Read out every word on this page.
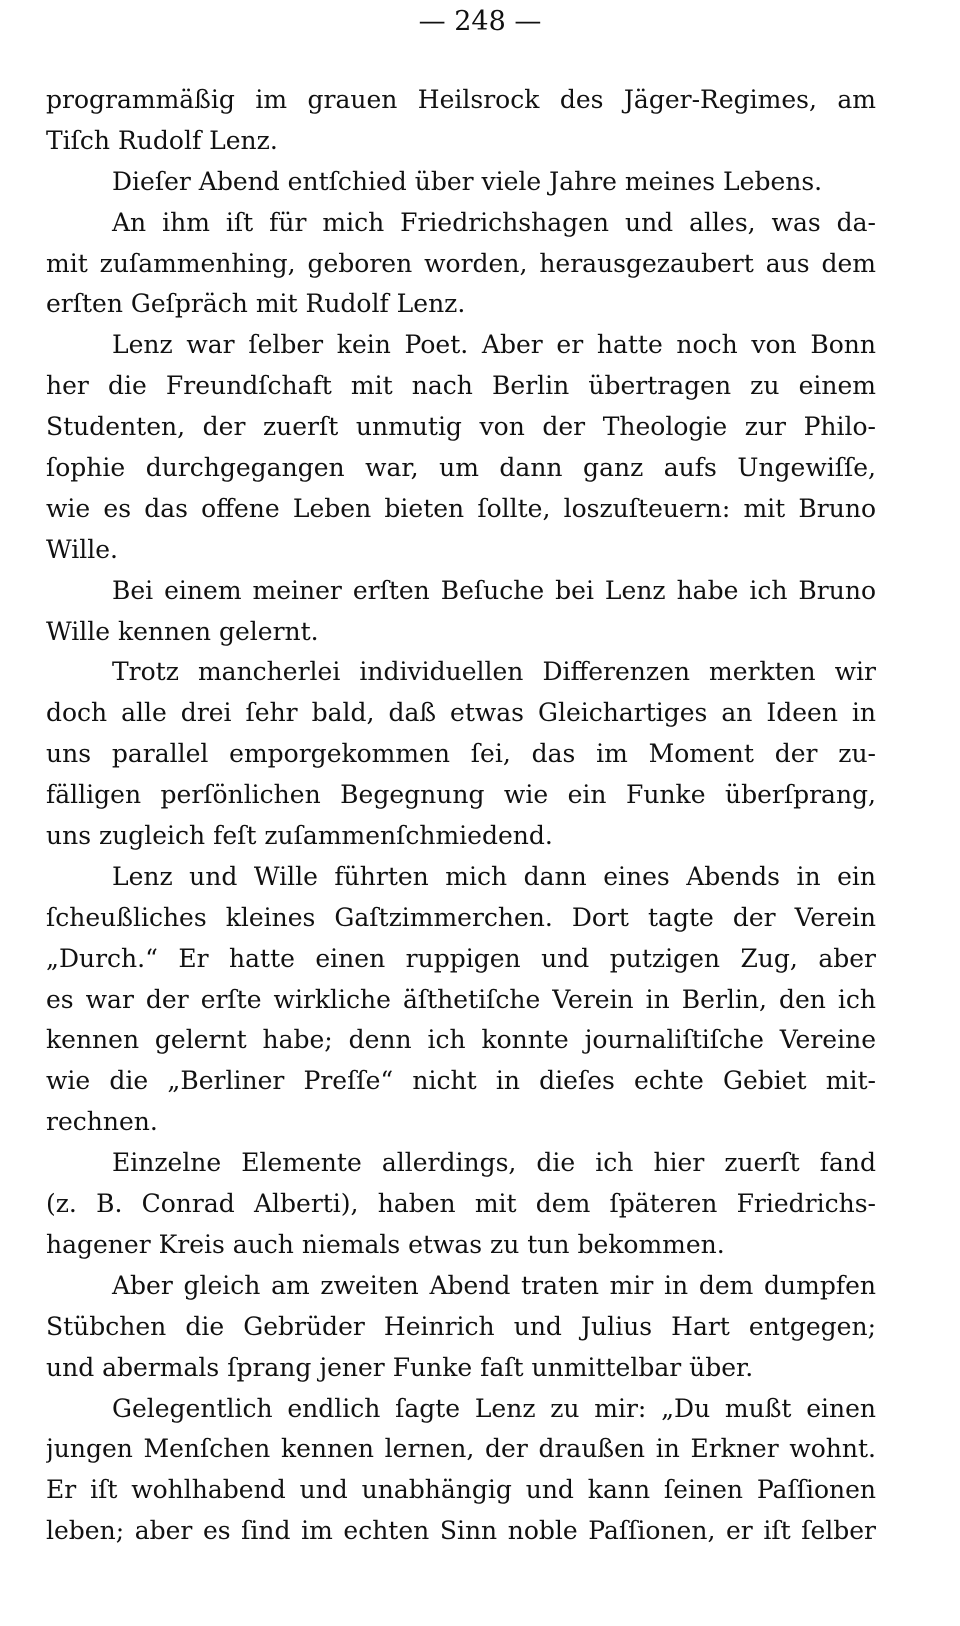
— 248 —
programmäßig im grauen Heilsrock des Jäger-Regimes, am
Tiſch Rudolf Lenz.
Dieſer Abend entſchied über viele Jahre meines Lebens.
An ihm iſt für mich Friedrichshagen und alles, was da-
mit zuſammenhing, geboren worden, herausgezaubert aus dem
erſten Geſpräch mit Rudolf Lenz.
Lenz war ſelber kein Poet. Aber er hatte noch von Bonn
her die Freundſchaft mit nach Berlin übertragen zu einem
Studenten, der zuerſt unmutig von der Theologie zur Philo-
ſophie durchgegangen war, um dann ganz aufs Ungewiſſe,
wie es das offene Leben bieten ſollte, loszuſteuern: mit Bruno
Wille.
Bei einem meiner erſten Beſuche bei Lenz habe ich Bruno
Wille kennen gelernt.
Trotz mancherlei individuellen Differenzen merkten wir
doch alle drei ſehr bald, daß etwas Gleichartiges an Ideen in
uns parallel emporgekommen ſei, das im Moment der zu-
fälligen perſönlichen Begegnung wie ein Funke überſprang,
uns zugleich feſt zuſammenſchmiedend.
Lenz und Wille führten mich dann eines Abends in ein
ſcheußliches kleines Gaſtzimmerchen. Dort tagte der Verein
„Durch.“ Er hatte einen ruppigen und putzigen Zug, aber
es war der erſte wirkliche äſthetiſche Verein in Berlin, den ich
kennen gelernt habe; denn ich konnte journaliſtiſche Vereine
wie die „Berliner Preſſe“ nicht in dieſes echte Gebiet mit-
rechnen.
Einzelne Elemente allerdings, die ich hier zuerſt fand
(z. B. Conrad Alberti), haben mit dem ſpäteren Friedrichs-
hagener Kreis auch niemals etwas zu tun bekommen.
Aber gleich am zweiten Abend traten mir in dem dumpfen
Stübchen die Gebrüder Heinrich und Julius Hart entgegen;
und abermals ſprang jener Funke faſt unmittelbar über.
Gelegentlich endlich ſagte Lenz zu mir: „Du mußt einen
jungen Menſchen kennen lernen, der draußen in Erkner wohnt.
Er iſt wohlhabend und unabhängig und kann ſeinen Paſſionen
leben; aber es ſind im echten Sinn noble Paſſionen, er iſt ſelber
